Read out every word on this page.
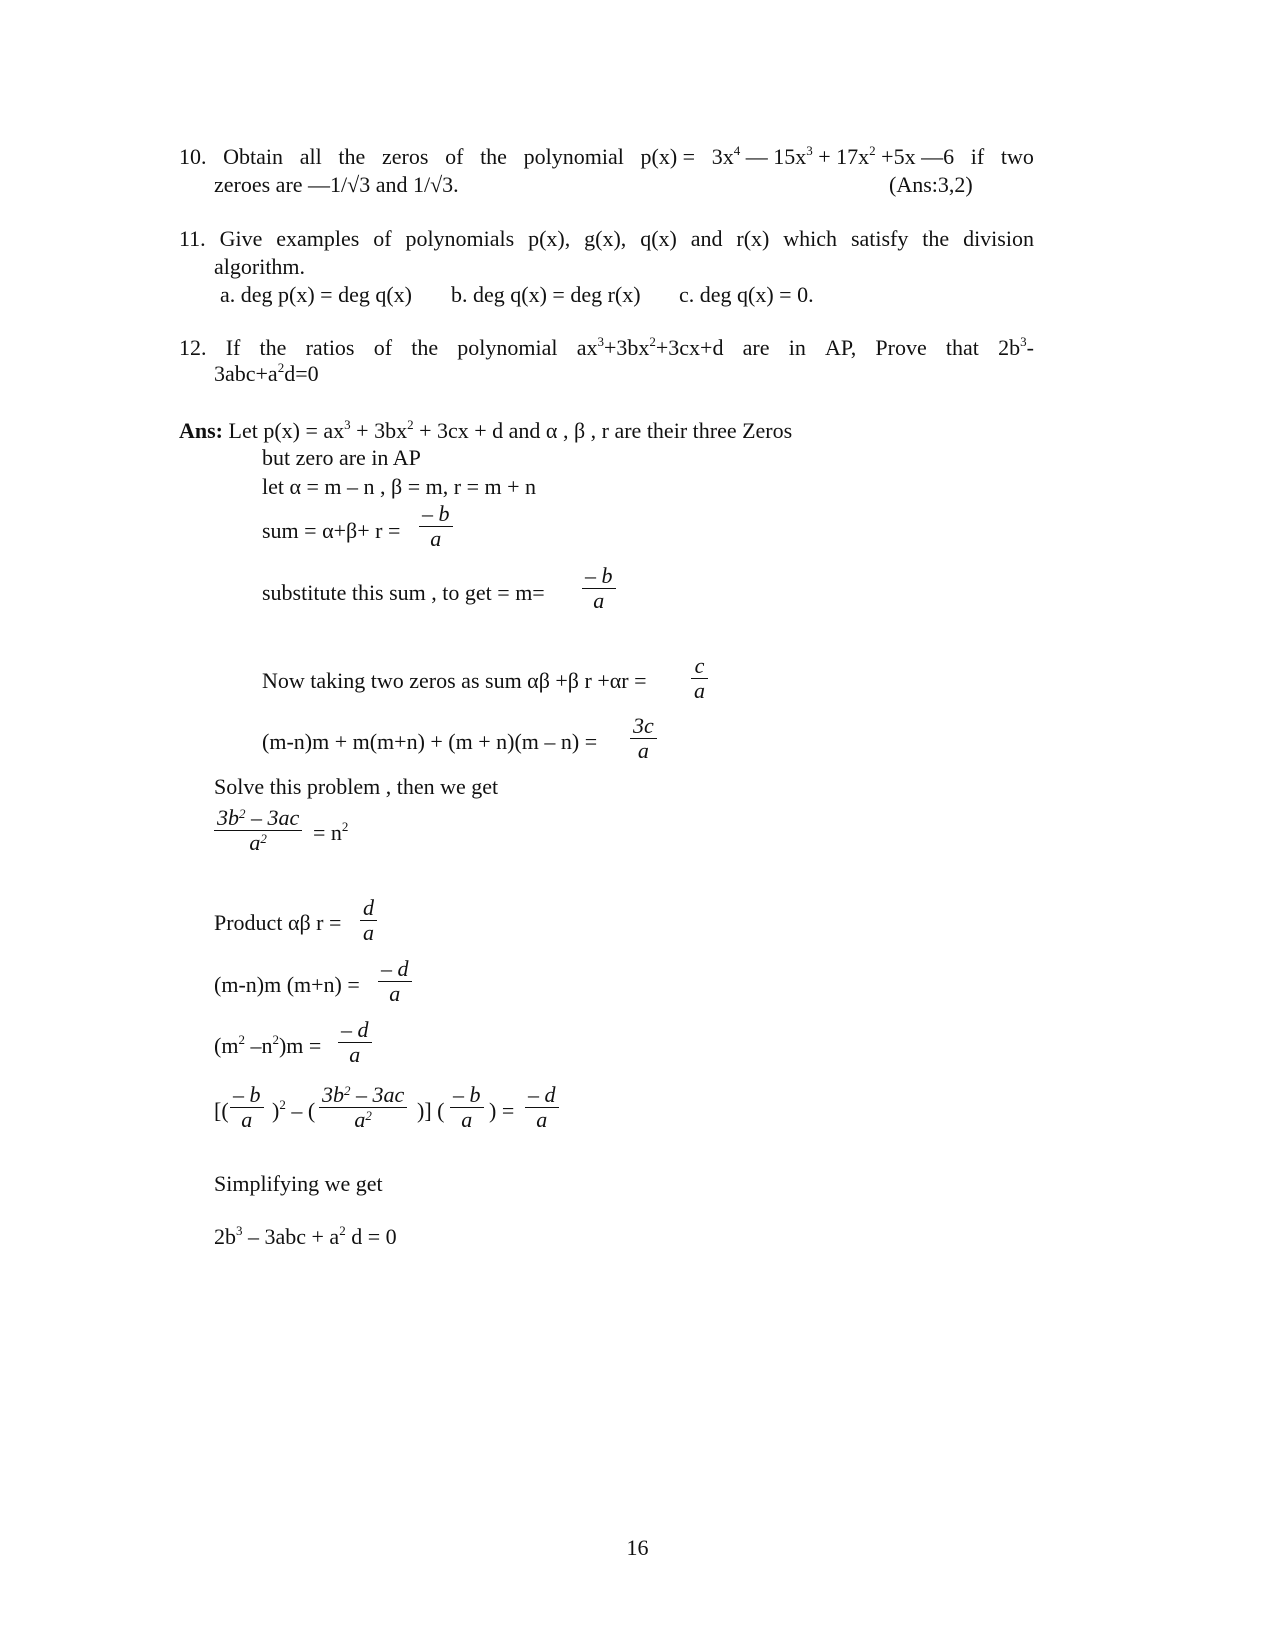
10. Obtain all the zeros of the polynomial $p(x) = 3x^4$ — $15x^3 + 17x^2 +5x$ —6 if two
zeroes are —1/√3 and 1/√3.	(Ans:3,2)
11. Give examples of polynomials p(x), g(x), q(x) and r(x) which satisfy the division
algorithm.
a. deg p(x) = deg q(x) b. deg q(x) = deg r(x) c. deg q(x) = 0.
12. If the ratios of the polynomial $ax^3+3bx^2+3cx+d$ are in AP, Prove that $2b^3-$
$3abc+a^2d=0$
Ans: Let $p(x) = ax^3 + 3bx^2 + 3cx + d$ and α , β , r are their three Zeros
but zero are in AP
let α = m – n , β = m, r = m + n
sum = $\alpha+\beta+ r = \frac{- b}{a}$
substitute this sum , to get = $m= \frac{- b}{a}$
Now taking two zeros as sum αβ +β $r +\alpha r = \frac{c}{a}$
$(m-n)m + m(m+n) + (m + n)(m - n) = \frac{3c}{a}$
Solve this problem , then we get
$\frac{3b^2 - 3ac}{a^2} = n^2$
Product αβ $r = \frac{d}{a}$
(m-n)m $(m+n) = \frac{- d}{a}$
($m^2$ $-n^2)m = \frac{- d}{a}$
[( $\frac{- b}{a} )^2$ – ( $\frac{3b^2 - 3ac}{a^2}$ )] ( $\frac{- b}{a}$ ) = $\frac{- d}{a}$
Simplifying we get
$2b^3 - 3abc + a^2$ d = 0
16
